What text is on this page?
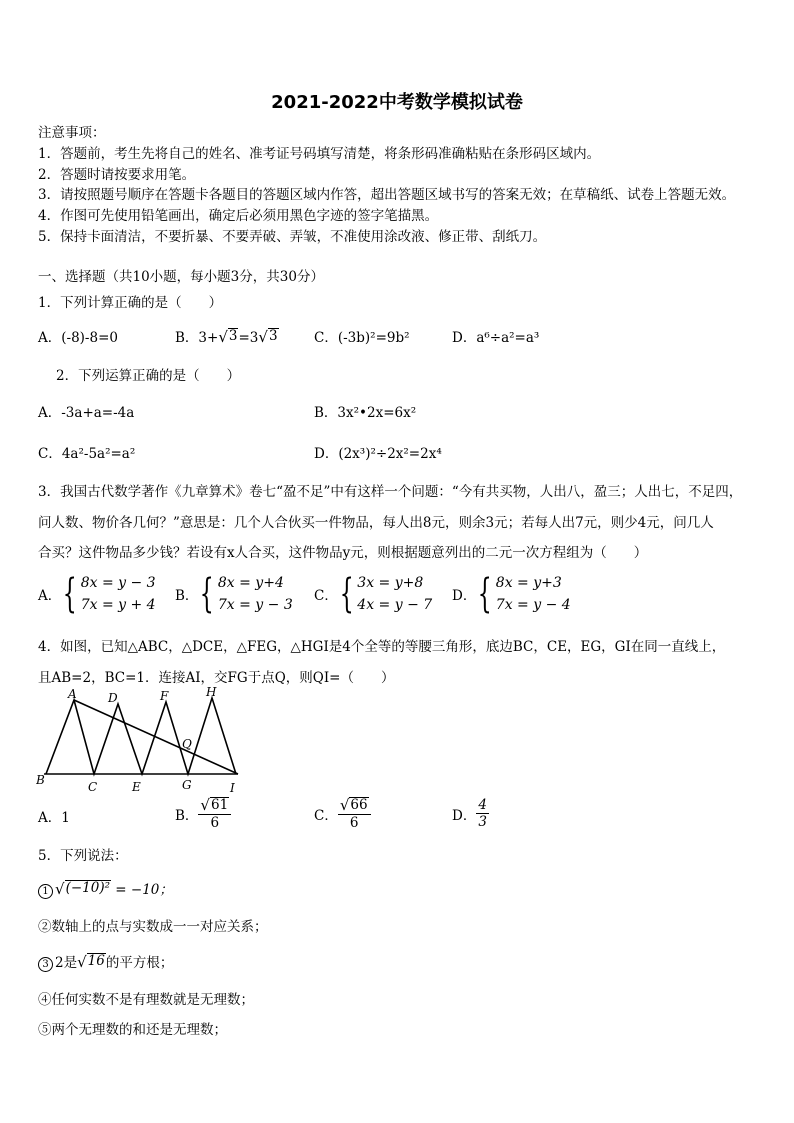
2021-2022中考数学模拟试卷
注意事项：
1．答题前，考生先将自己的姓名、准考证号码填写清楚，将条形码准确粘贴在条形码区域内。
2．答题时请按要求用笔。
3．请按照题号顺序在答题卡各题目的答题区域内作答，超出答题区域书写的答案无效；在草稿纸、试卷上答题无效。
4．作图可先使用铅笔画出，确定后必须用黑色字迹的签字笔描黑。
5．保持卡面清洁，不要折暴、不要弄破、弄皱，不准使用涂改液、修正带、刮纸刀。
一、选择题（共10小题，每小题3分，共30分）
1．下列计算正确的是（　　）
A．(-8)-8=0	B．3+ √ 3 =3 √ 3	C．(-3b)²=9b²	D．a⁶÷a²=a³
2．下列运算正确的是（　　）
A．-3a+a=-4a	B．3x²•2x=6x²
C．4a²-5a²=a²	D．(2x³)²÷2x²=2x⁴
3．我国古代数学著作《九章算术》卷七“盈不足”中有这样一个问题：“今有共买物，人出八，盈三；人出七，不足四，
问人数、物价各几何？”意思是：几个人合伙买一件物品，每人出8元，则余3元；若每人出7元，则少4元，问几人
合买？这件物品多少钱？若设有x人合买，这件物品y元，则根据题意列出的二元一次方程组为（　　）
A． { 8x = y − 3
7x = y + 4
B． { 8x = y+4
7x = y − 3
C． { 3x = y+8
4x = y − 7
D． { 8x = y+3
7x = y − 4
4．如图，已知△ABC，△DCE，△FEG，△HGI是4个全等的等腰三角形，底边BC，CE，EG，GI在同一直线上，
且AB=2，BC=1．连接AI，交FG于点Q，则QI=（　　）
A	D	F	H
Q
B	C	E	G	I
A．1	B． $\frac{√ 61}{6}$	C． $\frac{√ 66}{6}$	D． $\frac{4}{3}$
5．下列说法：
1 √ (−10)² = −10；
②数轴上的点与实数成一一对应关系；
3 2是 √ 16 的平方根；
④任何实数不是有理数就是无理数；
⑤两个无理数的和还是无理数；
